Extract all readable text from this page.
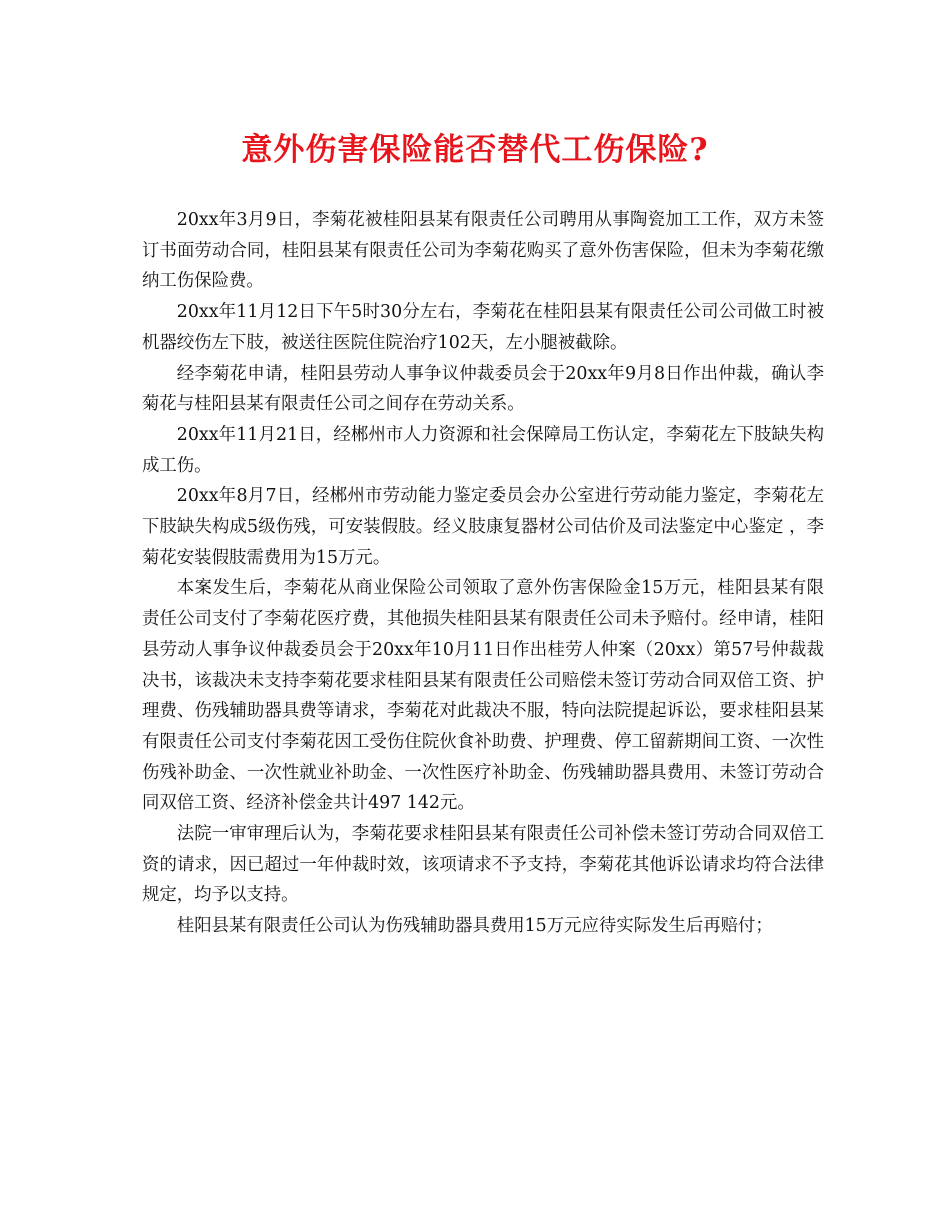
意外伤害保险能否替代工伤保险?

20xx年3月9日，李菊花被桂阳县某有限责任公司聘用从事陶瓷加工工作，双方未签订书面劳动合同，桂阳县某有限责任公司为李菊花购买了意外伤害保险，但未为李菊花缴纳工伤保险费。

20xx年11月12日下午5时30分左右，李菊花在桂阳县某有限责任公司公司做工时被机器绞伤左下肢，被送往医院住院治疗102天，左小腿被截除。

经李菊花申请，桂阳县劳动人事争议仲裁委员会于20xx年9月8日作出仲裁，确认李菊花与桂阳县某有限责任公司之间存在劳动关系。

20xx年11月21日，经郴州市人力资源和社会保障局工伤认定，李菊花左下肢缺失构成工伤。

20xx年8月7日，经郴州市劳动能力鉴定委员会办公室进行劳动能力鉴定，李菊花左下肢缺失构成5级伤残，可安装假肢。经义肢康复器材公司估价及司法鉴定中心鉴定 ，李菊花安装假肢需费用为15万元。

本案发生后，李菊花从商业保险公司领取了意外伤害保险金15万元，桂阳县某有限责任公司支付了李菊花医疗费，其他损失桂阳县某有限责任公司未予赔付。经申请，桂阳县劳动人事争议仲裁委员会于20xx年10月11日作出桂劳人仲案（20xx）第57号仲裁裁决书，该裁决未支持李菊花要求桂阳县某有限责任公司赔偿未签订劳动合同双倍工资、护理费、伤残辅助器具费等请求，李菊花对此裁决不服，特向法院提起诉讼，要求桂阳县某有限责任公司支付李菊花因工受伤住院伙食补助费、护理费、停工留薪期间工资、一次性伤残补助金、一次性就业补助金、一次性医疗补助金、伤残辅助器具费用、未签订劳动合同双倍工资、经济补偿金共计497 142元。

法院一审审理后认为，李菊花要求桂阳县某有限责任公司补偿未签订劳动合同双倍工资的请求，因已超过一年仲裁时效，该项请求不予支持，李菊花其他诉讼请求均符合法律规定，均予以支持。

桂阳县某有限责任公司认为伤残辅助器具费用15万元应待实际发生后再赔付；
